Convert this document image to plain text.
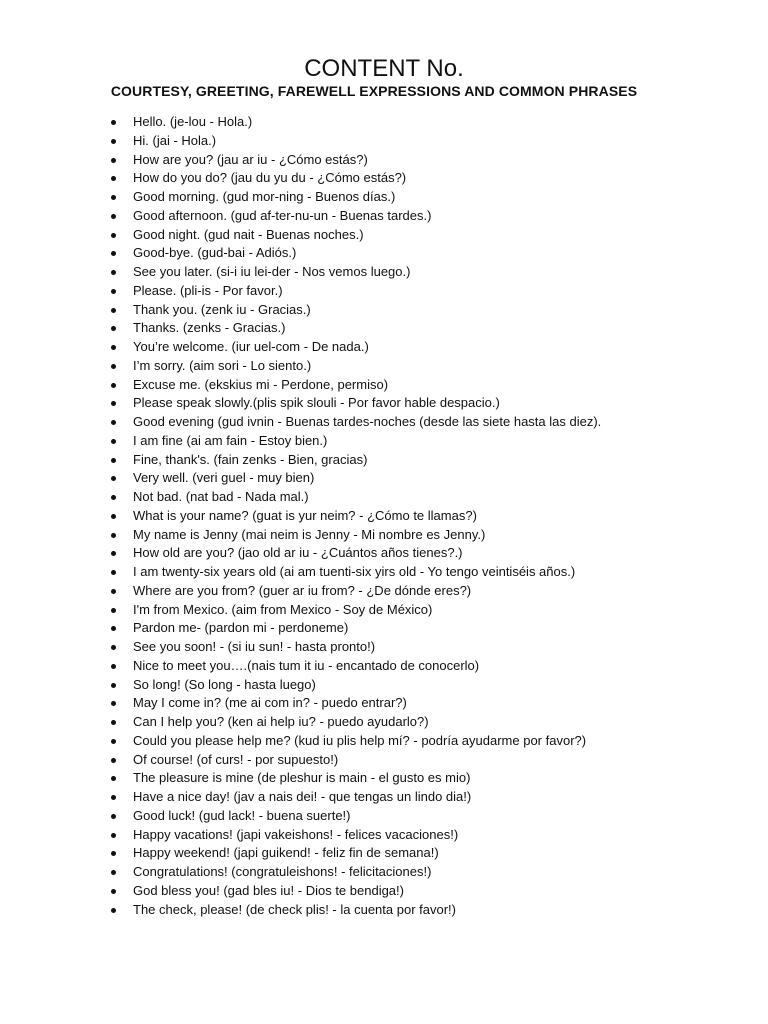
CONTENT No.
COURTESY, GREETING, FAREWELL EXPRESSIONS AND COMMON PHRASES
Hello. (je-lou - Hola.)
Hi. (jai - Hola.)
How are you? (jau ar iu - ¿Cómo estás?)
How do you do? (jau du yu du - ¿Cómo estás?)
Good morning. (gud mor-ning - Buenos días.)
Good afternoon. (gud af-ter-nu-un - Buenas tardes.)
Good night. (gud nait - Buenas noches.)
Good-bye. (gud-bai - Adiós.)
See you later. (si-i iu lei-der - Nos vemos luego.)
Please. (pli-is - Por favor.)
Thank you. (zenk iu - Gracias.)
Thanks. (zenks - Gracias.)
You’re welcome. (iur uel-com - De nada.)
I’m sorry. (aim sori - Lo siento.)
Excuse me. (ekskius mi - Perdone, permiso)
Please speak slowly.(plis spik slouli - Por favor hable despacio.)
Good evening (gud ivnin - Buenas tardes-noches (desde las siete hasta las diez).
I am fine (ai am fain - Estoy bien.)
Fine, thank's. (fain zenks - Bien, gracias)
Very well. (veri guel - muy bien)
Not bad. (nat bad - Nada mal.)
What is your name? (guat is yur neim? - ¿Cómo te llamas?)
My name is Jenny (mai neim is Jenny - Mi nombre es Jenny.)
How old are you? (jao old ar iu - ¿Cuántos años tienes?.)
I am twenty-six years old (ai am tuenti-six yirs old - Yo tengo veintiséis años.)
Where are you from? (guer ar iu from? - ¿De dónde eres?)
I'm from Mexico. (aim from Mexico - Soy de México)
Pardon me- (pardon mi - perdoneme)
See you soon! - (si iu sun! - hasta pronto!)
Nice to meet you….(nais tum it iu - encantado de conocerlo)
So long! (So long - hasta luego)
May I come in? (me ai com in? - puedo entrar?)
Can I help you? (ken ai help iu? - puedo ayudarlo?)
Could you please help me? (kud iu plis help mí? - podría ayudarme por favor?)
Of course! (of curs! - por supuesto!)
The pleasure is mine (de pleshur is main - el gusto es mio)
Have a nice day! (jav a nais dei! - que tengas un lindo dia!)
Good luck! (gud lack! - buena suerte!)
Happy vacations! (japi vakeishons! - felices vacaciones!)
Happy weekend! (japi guikend! - feliz fin de semana!)
Congratulations! (congratuleishons! - felicitaciones!)
God bless you! (gad bles iu! - Dios te bendiga!)
The check, please! (de check plis! - la cuenta por favor!)
